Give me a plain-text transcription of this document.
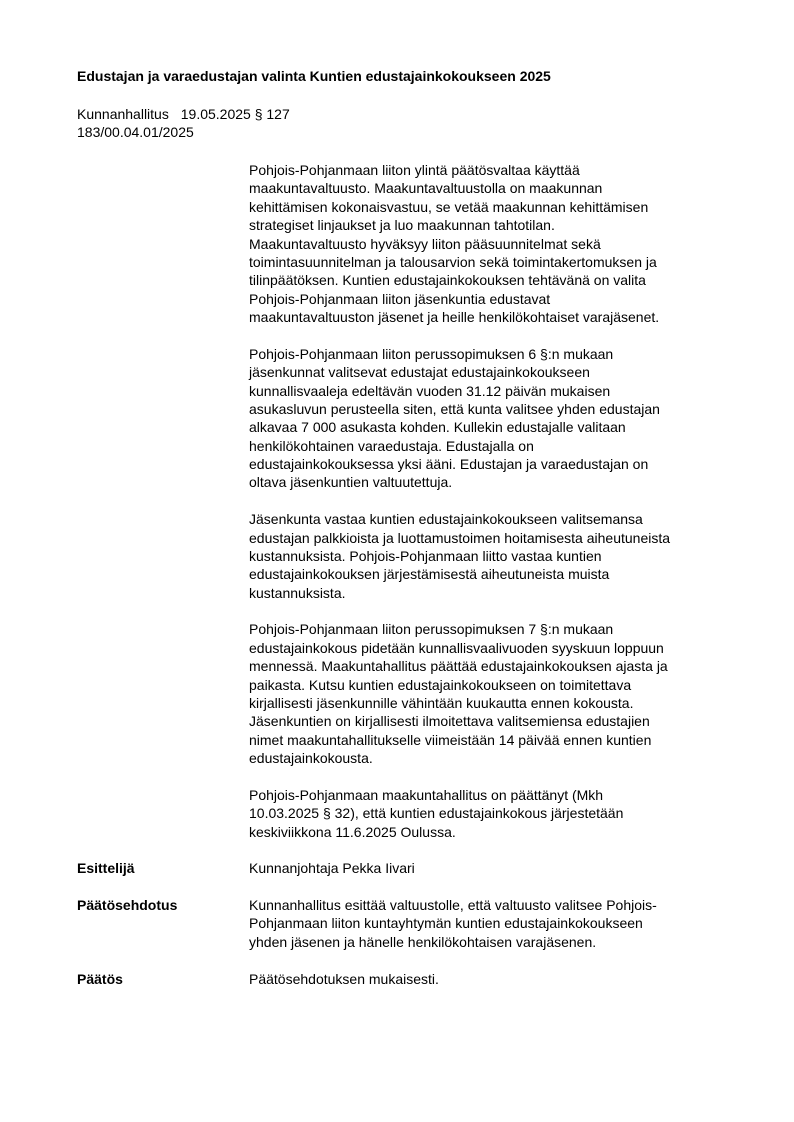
Edustajan ja varaedustajan valinta Kuntien edustajainkokoukseen 2025
Kunnanhallitus 19.05.2025 § 127
183/00.04.01/2025
Pohjois-Pohjanmaan liiton ylintä päätösvaltaa käyttää
maakuntavaltuusto. Maakuntavaltuustolla on maakunnan
kehittämisen kokonaisvastuu, se vetää maakunnan kehittämisen
strategiset linjaukset ja luo maakunnan tahtotilan.
Maakuntavaltuusto hyväksyy liiton pääsuunnitelmat sekä
toimintasuunnitelman ja talousarvion sekä toimintakertomuksen ja
tilinpäätöksen. Kuntien edustajainkokouksen tehtävänä on valita
Pohjois-Pohjanmaan liiton jäsenkuntia edustavat
maakuntavaltuuston jäsenet ja heille henkilökohtaiset varajäsenet.
Pohjois-Pohjanmaan liiton perussopimuksen 6 §:n mukaan
jäsenkunnat valitsevat edustajat edustajainkokoukseen
kunnallisvaaleja edeltävän vuoden 31.12 päivän mukaisen
asukasluvun perusteella siten, että kunta valitsee yhden edustajan
alkavaa 7 000 asukasta kohden. Kullekin edustajalle valitaan
henkilökohtainen varaedustaja. Edustajalla on
edustajainkokouksessa yksi ääni. Edustajan ja varaedustajan on
oltava jäsenkuntien valtuutettuja.
Jäsenkunta vastaa kuntien edustajainkokoukseen valitsemansa
edustajan palkkioista ja luottamustoimen hoitamisesta aiheutuneista
kustannuksista. Pohjois-Pohjanmaan liitto vastaa kuntien
edustajainkokouksen järjestämisestä aiheutuneista muista
kustannuksista.
Pohjois-Pohjanmaan liiton perussopimuksen 7 §:n mukaan
edustajainkokous pidetään kunnallisvaalivuoden syyskuun loppuun
mennessä. Maakuntahallitus päättää edustajainkokouksen ajasta ja
paikasta. Kutsu kuntien edustajainkokoukseen on toimitettava
kirjallisesti jäsenkunnille vähintään kuukautta ennen kokousta.
Jäsenkuntien on kirjallisesti ilmoitettava valitsemiensa edustajien
nimet maakuntahallitukselle viimeistään 14 päivää ennen kuntien
edustajainkokousta.
Pohjois-Pohjanmaan maakuntahallitus on päättänyt (Mkh
10.03.2025 § 32), että kuntien edustajainkokous järjestetään
keskiviikkona 11.6.2025 Oulussa.
Esittelijä	Kunnanjohtaja Pekka Iivari
Päätösehdotus	Kunnanhallitus esittää valtuustolle, että valtuusto valitsee Pohjois-
Pohjanmaan liiton kuntayhtymän kuntien edustajainkokoukseen
yhden jäsenen ja hänelle henkilökohtaisen varajäsenen.
Päätös	Päätösehdotuksen mukaisesti.
